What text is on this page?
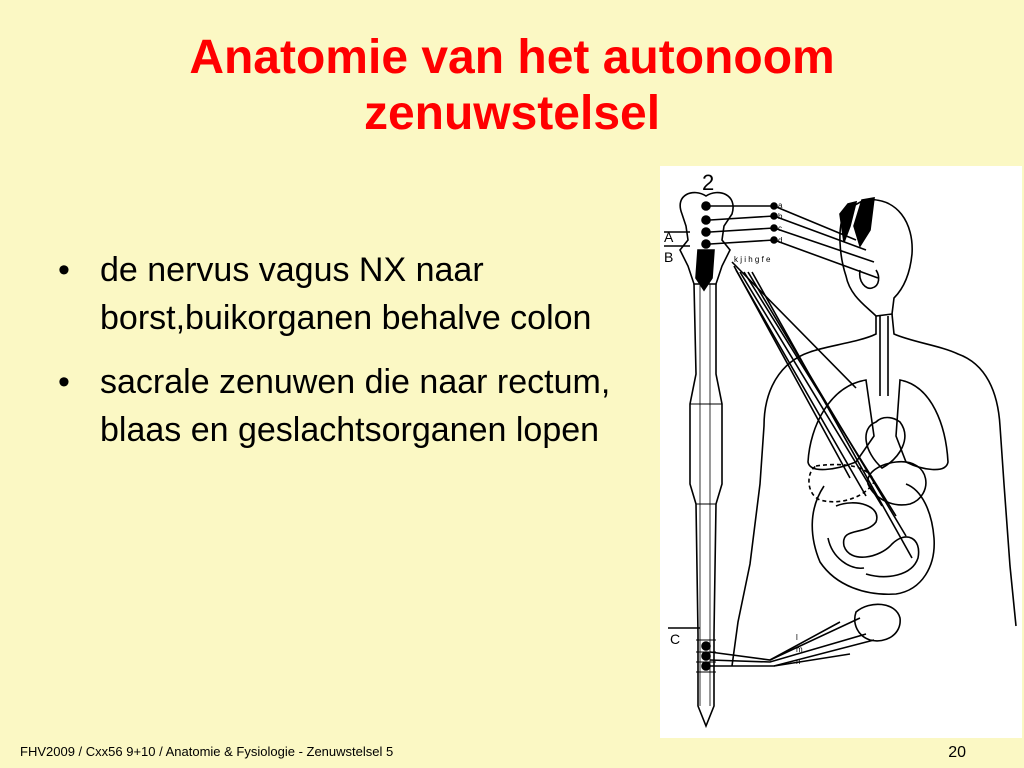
Anatomie van het autonoom zenuwstelsel
• de nervus vagus NX naar borst,buikorganen behalve colon
• sacrale zenuwen die naar rectum, blaas en geslachtsorganen lopen
2
A
B
C
a
b
c
d
k j i h g f e
l
m
n
FHV2009 / Cxx56 9+10 / Anatomie & Fysiologie - Zenuwstelsel 5	20
